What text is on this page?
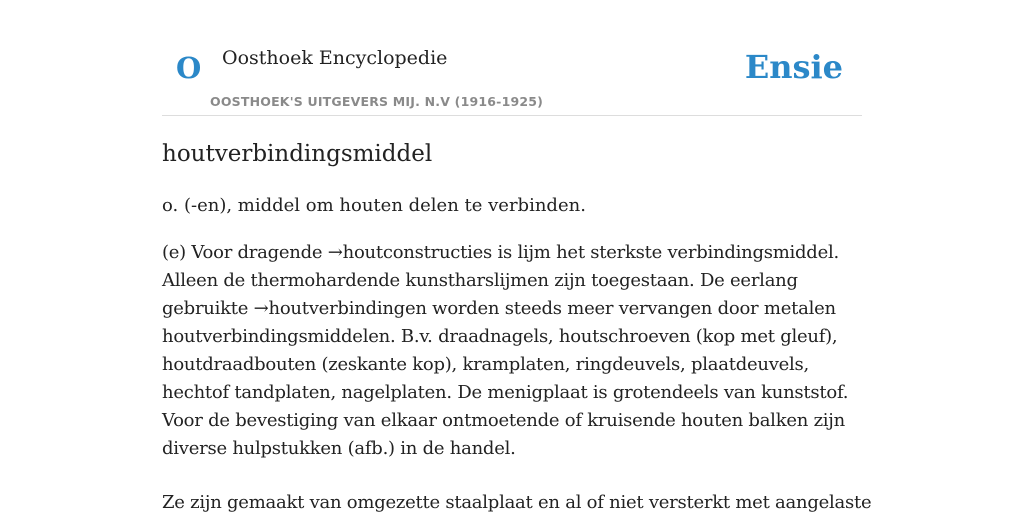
O Oosthoek Encyclopedie
OOSTHOEK'S UITGEVERS MIJ. N.V (1916-1925)
Ensie
houtverbindingsmiddel

o. (-en), middel om houten delen te verbinden.

(e) Voor dragende →houtconstructies is lijm het sterkste verbindingsmiddel. Alleen de thermohardende kunstharslijmen zijn toegestaan. De eerlang gebruikte →houtverbindingen worden steeds meer vervangen door metalen houtverbindingsmiddelen. B.v. draadnagels, houtschroeven (kop met gleuf), houtdraadbouten (zeskante kop), kramplaten, ringdeuvels, plaatdeuvels, hechtof tandplaten, nagelplaten. De menigplaat is grotendeels van kunststof. Voor de bevestiging van elkaar ontmoetende of kruisende houten balken zijn diverse hulpstukken (afb.) in de handel.

Ze zijn gemaakt van omgezette staalplaat en al of niet versterkt met aangelaste
